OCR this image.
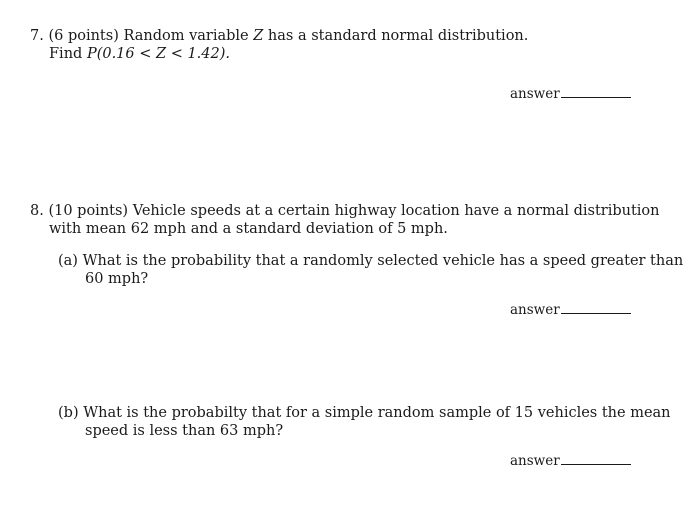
7. (6 points) Random variable Z has a standard normal distribution.
Find P(0.16 < Z < 1.42).
answer
8. (10 points) Vehicle speeds at a certain highway location have a normal distribution
with mean 62 mph and a standard deviation of 5 mph.
(a) What is the probability that a randomly selected vehicle has a speed greater than
60 mph?
answer
(b) What is the probabilty that for a simple random sample of 15 vehicles the mean
speed is less than 63 mph?
answer
